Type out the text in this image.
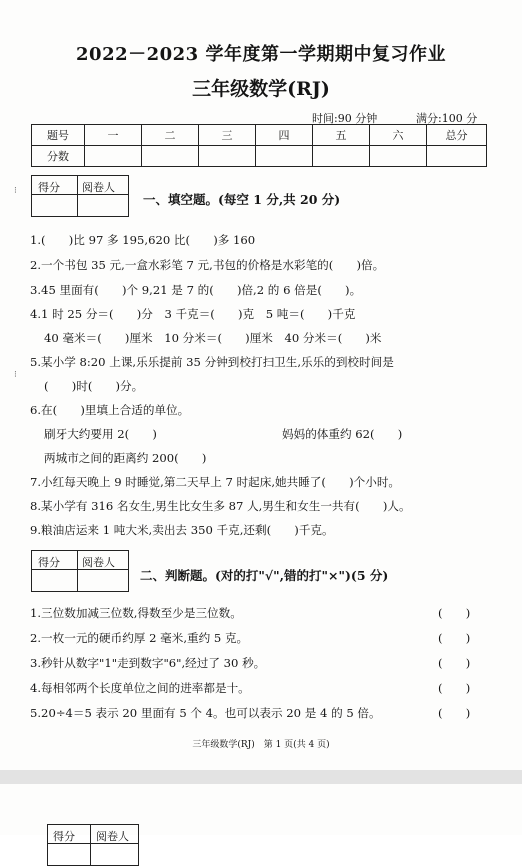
2022－2023 学年度第一学期期中复习作业
三年级数学(RJ)
时间:90 分钟	满分:100 分
题号	一	二	三	四	五	六	总分
分数							
得分 阅卷人
一、填空题。(每空 1 分,共 20 分)
⁝
1.(　　)比 97 多 195,620 比(　　)多 160
2.一个书包 35 元,一盒水彩笔 7 元,书包的价格是水彩笔的(　　)倍。
3.45 里面有(　　)个 9,21 是 7 的(　　)倍,2 的 6 倍是(　　)。
4.1 时 25 分＝(　　)分　3 千克＝(　　)克　5 吨＝(　　)千克
40 毫米＝(　　)厘米　10 分米＝(　　)厘米　40 分米＝(　　)米
5.某小学 8:20 上课,乐乐提前 35 分钟到校打扫卫生,乐乐的到校时间是
(　　)时(　　)分。
⁝
6.在(　　)里填上合适的单位。
刷牙大约要用 2(　　)	妈妈的体重约 62(　　)
两城市之间的距离约 200(　　)
7.小红每天晚上 9 时睡觉,第二天早上 7 时起床,她共睡了(　　)个小时。
8.某小学有 316 名女生,男生比女生多 87 人,男生和女生一共有(　　)人。
9.粮油店运来 1 吨大米,卖出去 350 千克,还剩(　　)千克。
得分 阅卷人
二、判断题。(对的打"√",错的打"×")(5 分)
1.三位数加减三位数,得数至少是三位数。	(　　)
2.一枚一元的硬币约厚 2 毫米,重约 5 克。	(　　)
3.秒针从数字"1"走到数字"6",经过了 30 秒。	(　　)
4.每相邻两个长度单位之间的进率都是十。	(　　)
5.20÷4＝5 表示 20 里面有 5 个 4。也可以表示 20 是 4 的 5 倍。	(　　)
三年级数学(RJ)　第 1 页(共 4 页)
得分 阅卷人
